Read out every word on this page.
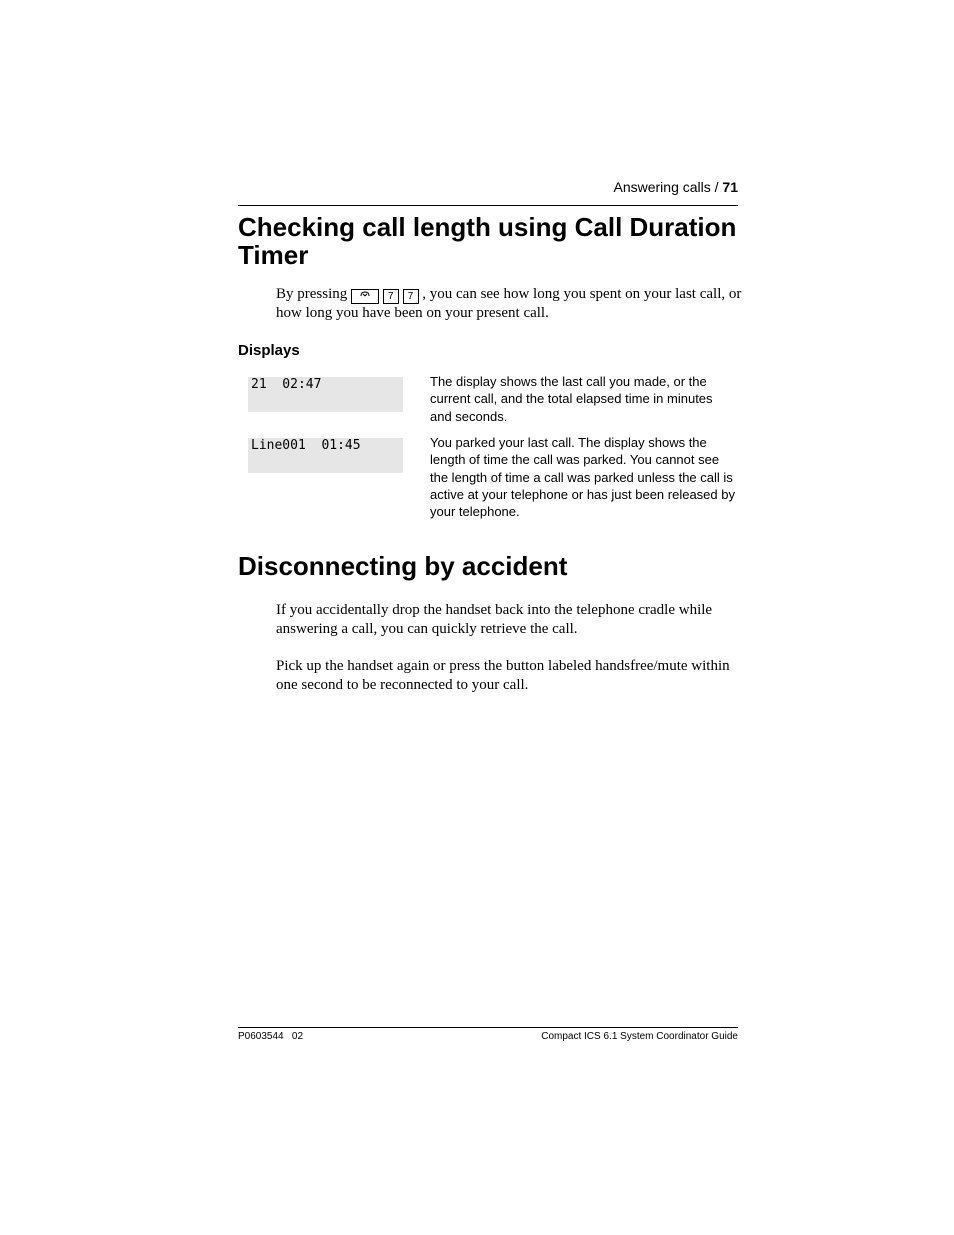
Answering calls / 71
Checking call length using Call Duration Timer

By pressing	7 7 , you can see how long you spent on your last call, or how long you have been on your present call.

Displays
21  02:47	The display shows the last call you made, or the current call, and the total elapsed time in minutes and seconds.

Line001  01:45	You parked your last call. The display shows the length of time the call was parked. You cannot see the length of time a call was parked unless the call is active at your telephone or has just been released by your telephone.

Disconnecting by accident

If you accidentally drop the handset back into the telephone cradle while answering a call, you can quickly retrieve the call.

Pick up the handset again or press the button labeled handsfree/mute within one second to be reconnected to your call.

P0603544   02	Compact ICS 6.1 System Coordinator Guide
